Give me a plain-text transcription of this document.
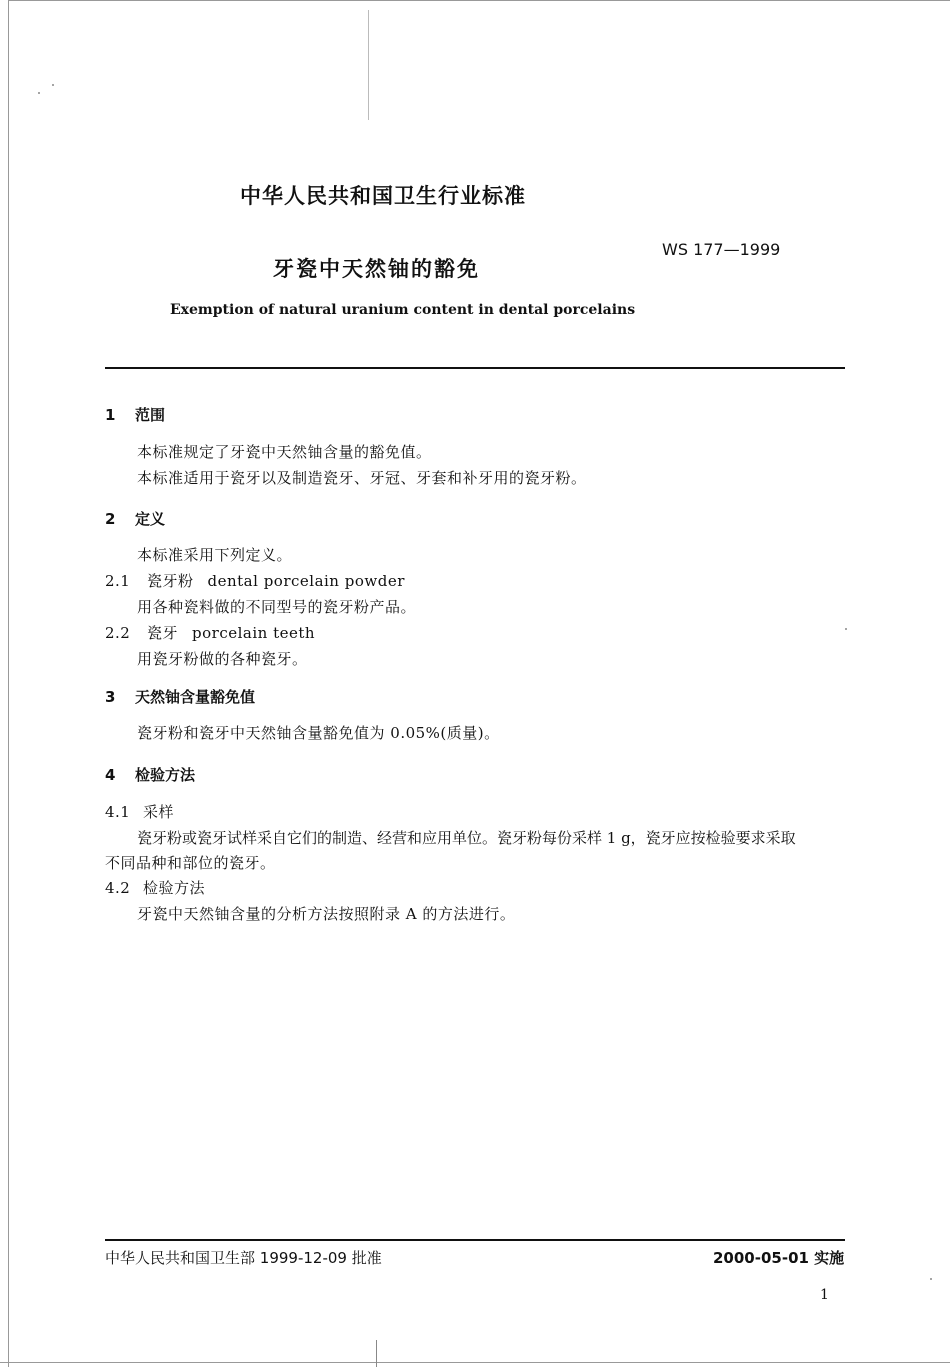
中华人民共和国卫生行业标准
牙瓷中天然铀的豁免
WS 177—1999
Exemption of natural uranium content in dental porcelains
1 范围
本标准规定了牙瓷中天然铀含量的豁免值。
本标准适用于瓷牙以及制造瓷牙、牙冠、牙套和补牙用的瓷牙粉。
2 定义
本标准采用下列定义。
2.1 瓷牙粉 dental porcelain powder
用各种瓷料做的不同型号的瓷牙粉产品。
2.2 瓷牙 porcelain teeth
用瓷牙粉做的各种瓷牙。
3 天然铀含量豁免值
瓷牙粉和瓷牙中天然铀含量豁免值为 0.05%(质量)。
4 检验方法
4.1 采样
瓷牙粉或瓷牙试样采自它们的制造、经营和应用单位。瓷牙粉每份采样 1 g，瓷牙应按检验要求采取
不同品种和部位的瓷牙。
4.2 检验方法
牙瓷中天然铀含量的分析方法按照附录 A 的方法进行。
中华人民共和国卫生部 1999-12-09 批准	2000-05-01 实施
1
